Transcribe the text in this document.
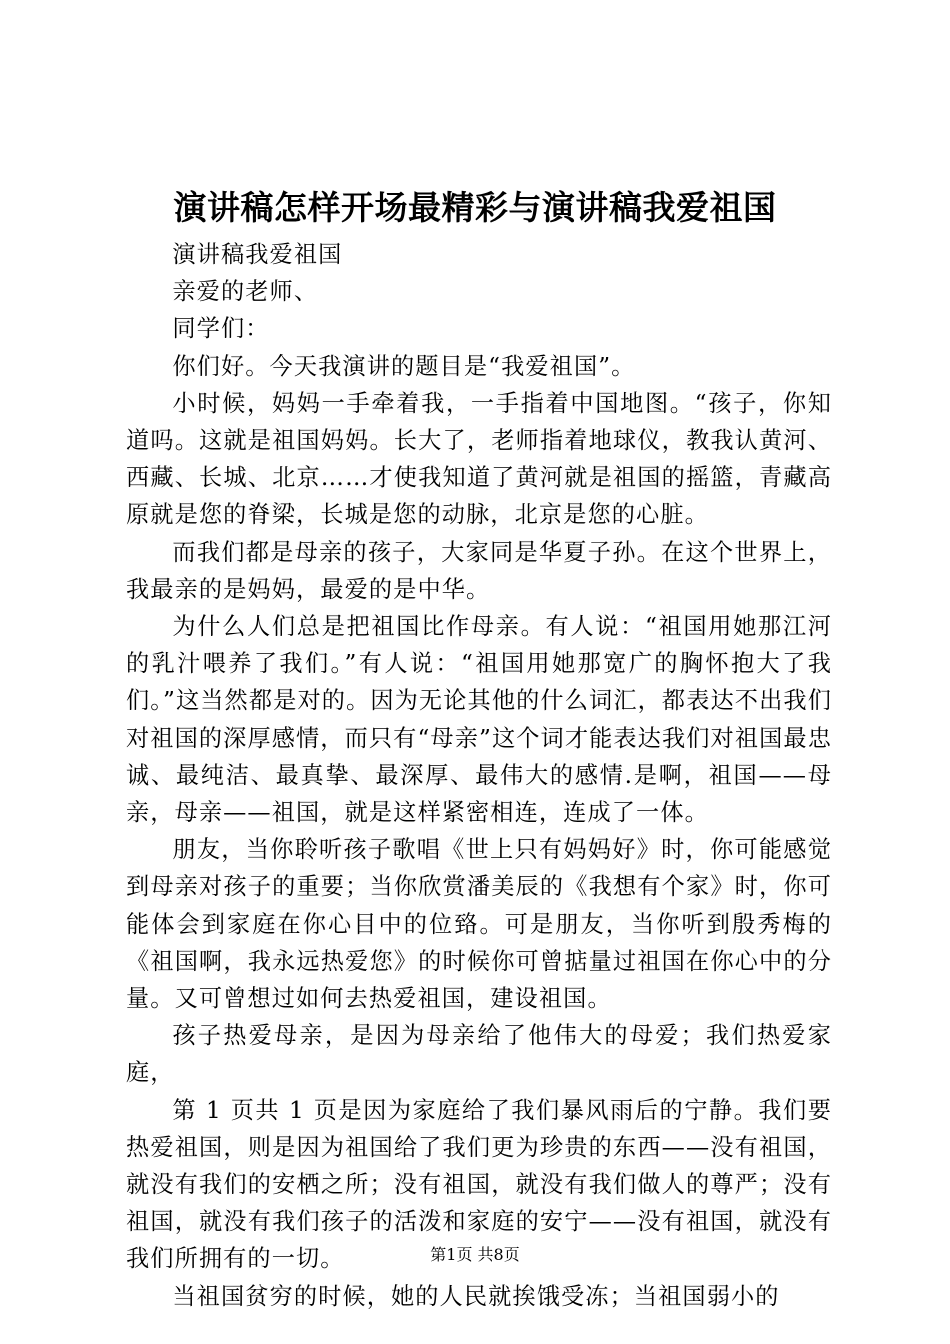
演讲稿怎样开场最精彩与演讲稿我爱祖国

演讲稿我爱祖国

亲爱的老师、

同学们：

你们好。今天我演讲的题目是“我爱祖国”。

小时候，妈妈一手牵着我，一手指着中国地图。“孩子，你知道吗。这就是祖国妈妈。长大了，老师指着地球仪，教我认黄河、西藏、长城、北京……才使我知道了黄河就是祖国的摇篮，青藏高原就是您的脊梁，长城是您的动脉，北京是您的心脏。

而我们都是母亲的孩子，大家同是华夏子孙。在这个世界上，我最亲的是妈妈，最爱的是中华。

为什么人们总是把祖国比作母亲。有人说：“祖国用她那江河的乳汁喂养了我们。”有人说：“祖国用她那宽广的胸怀抱大了我们。”这当然都是对的。因为无论其他的什么词汇，都表达不出我们对祖国的深厚感情，而只有“母亲”这个词才能表达我们对祖国最忠诚、最纯洁、最真挚、最深厚、最伟大的感情.是啊，祖国——母亲，母亲——祖国，就是这样紧密相连，连成了一体。

朋友，当你聆听孩子歌唱《世上只有妈妈好》时，你可能感觉到母亲对孩子的重要；当你欣赏潘美辰的《我想有个家》时，你可能体会到家庭在你心目中的位臵。可是朋友，当你听到殷秀梅的《祖国啊，我永远热爱您》的时候你可曾掂量过祖国在你心中的分量。又可曾想过如何去热爱祖国，建设祖国。

孩子热爱母亲，是因为母亲给了他伟大的母爱；我们热爱家庭，

第 1 页共 1 页是因为家庭给了我们暴风雨后的宁静。我们要热爱祖国，则是因为祖国给了我们更为珍贵的东西——没有祖国，就没有我们的安栖之所；没有祖国，就没有我们做人的尊严；没有祖国，就没有我们孩子的活泼和家庭的安宁——没有祖国，就没有我们所拥有的一切。

当祖国贫穷的时候，她的人民就挨饿受冻；当祖国弱小的

第1页 共8页
